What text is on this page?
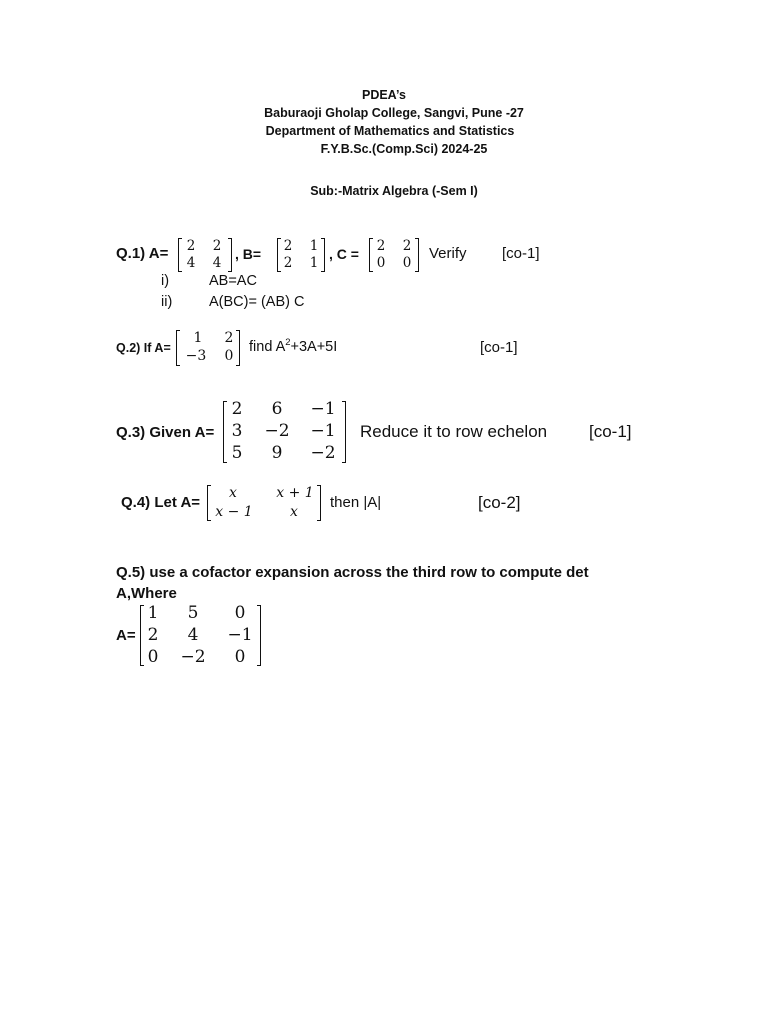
PDEA’s
Baburaoji Gholap College, Sangvi, Pune -27
Department of Mathematics and Statistics
F.Y.B.Sc.(Comp.Sci) 2024-25
Sub:-Matrix Algebra (-Sem I)
Q.1) A= 2 2
4 4
, B= 2 1
2 1
, C = 2 2
0 0
Verify [co-1]
i)	AB=AC
ii)	A(BC)= (AB) C
Q.2) If A=
1 2
−3 0
find $A^2+3A+5I$	[co-1]
Q.3) Given A=
2 6 −1
3 −2 −1
5 9 −2
Reduce it to row echelon [co-1]
Q.4) Let A=
x	x + 1
x − 1	x
then |A|	[co-2]
Q.5) use a cofactor expansion across the third row to compute det
A,Where
A=
1 5 0
2 4 −1
0 −2 0
